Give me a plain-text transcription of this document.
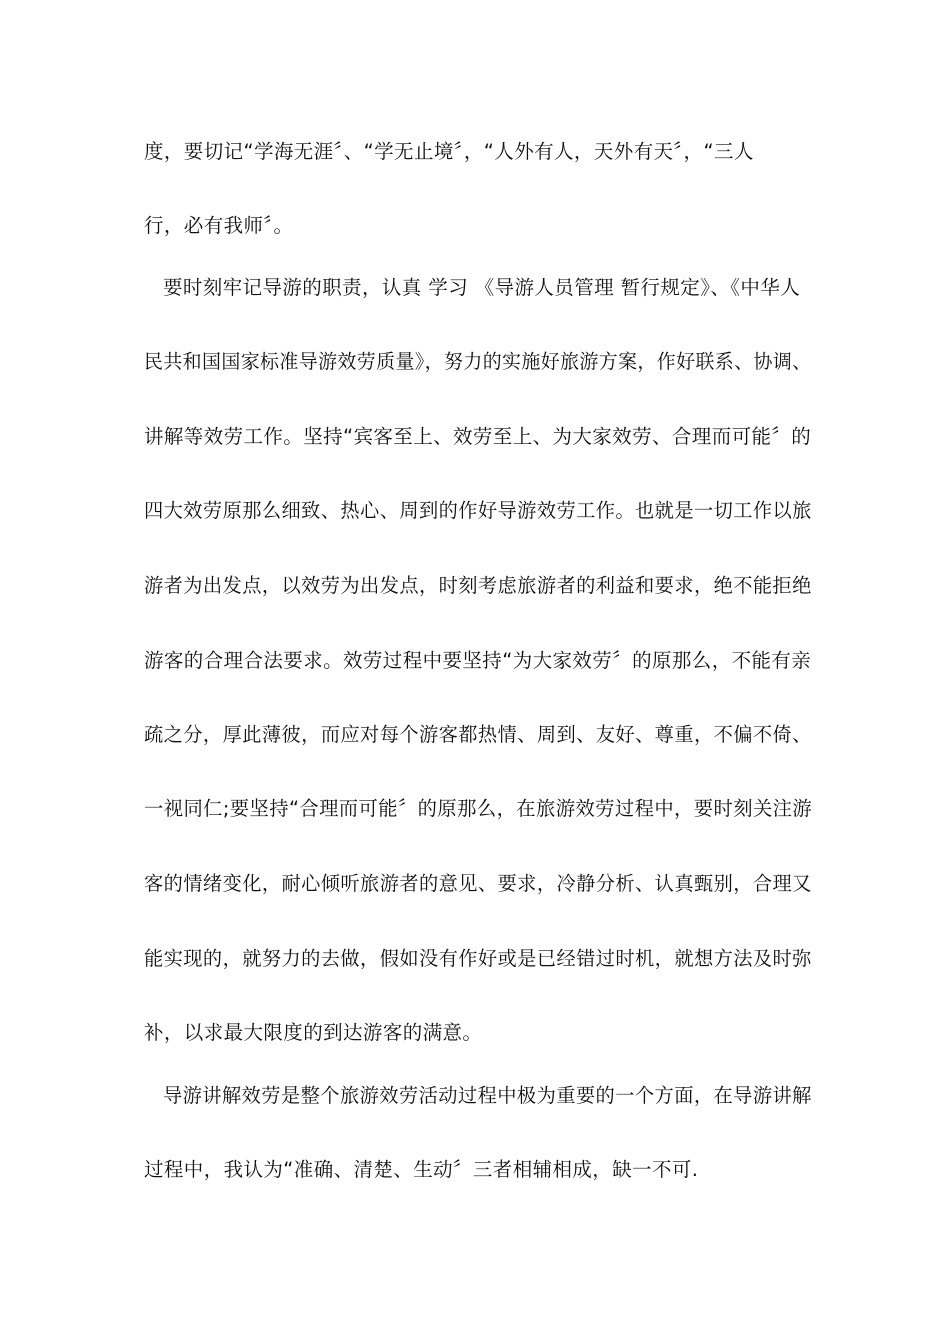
度，要切记“学海无涯〞、“学无止境〞，“人外有人，天外有天〞，“三人
行，必有我师〞。
要时刻牢记导游的职责，认真 学习 《导游人员管理 暂行规定》、《中华人
民共和国国家标准导游效劳质量》，努力的实施好旅游方案，作好联系、协调、
讲解等效劳工作。坚持“宾客至上、效劳至上、为大家效劳、合理而可能〞的
四大效劳原那么细致、热心、周到的作好导游效劳工作。也就是一切工作以旅
游者为出发点，以效劳为出发点，时刻考虑旅游者的利益和要求，绝不能拒绝
游客的合理合法要求。效劳过程中要坚持“为大家效劳〞的原那么，不能有亲
疏之分，厚此薄彼，而应对每个游客都热情、周到、友好、尊重，不偏不倚、
一视同仁;要坚持“合理而可能〞的原那么，在旅游效劳过程中，要时刻关注游
客的情绪变化，耐心倾听旅游者的意见、要求，冷静分析、认真甄别，合理又
能实现的，就努力的去做，假如没有作好或是已经错过时机，就想方法及时弥
补，以求最大限度的到达游客的满意。
导游讲解效劳是整个旅游效劳活动过程中极为重要的一个方面，在导游讲解
过程中，我认为“准确、清楚、生动〞三者相辅相成，缺一不可.
